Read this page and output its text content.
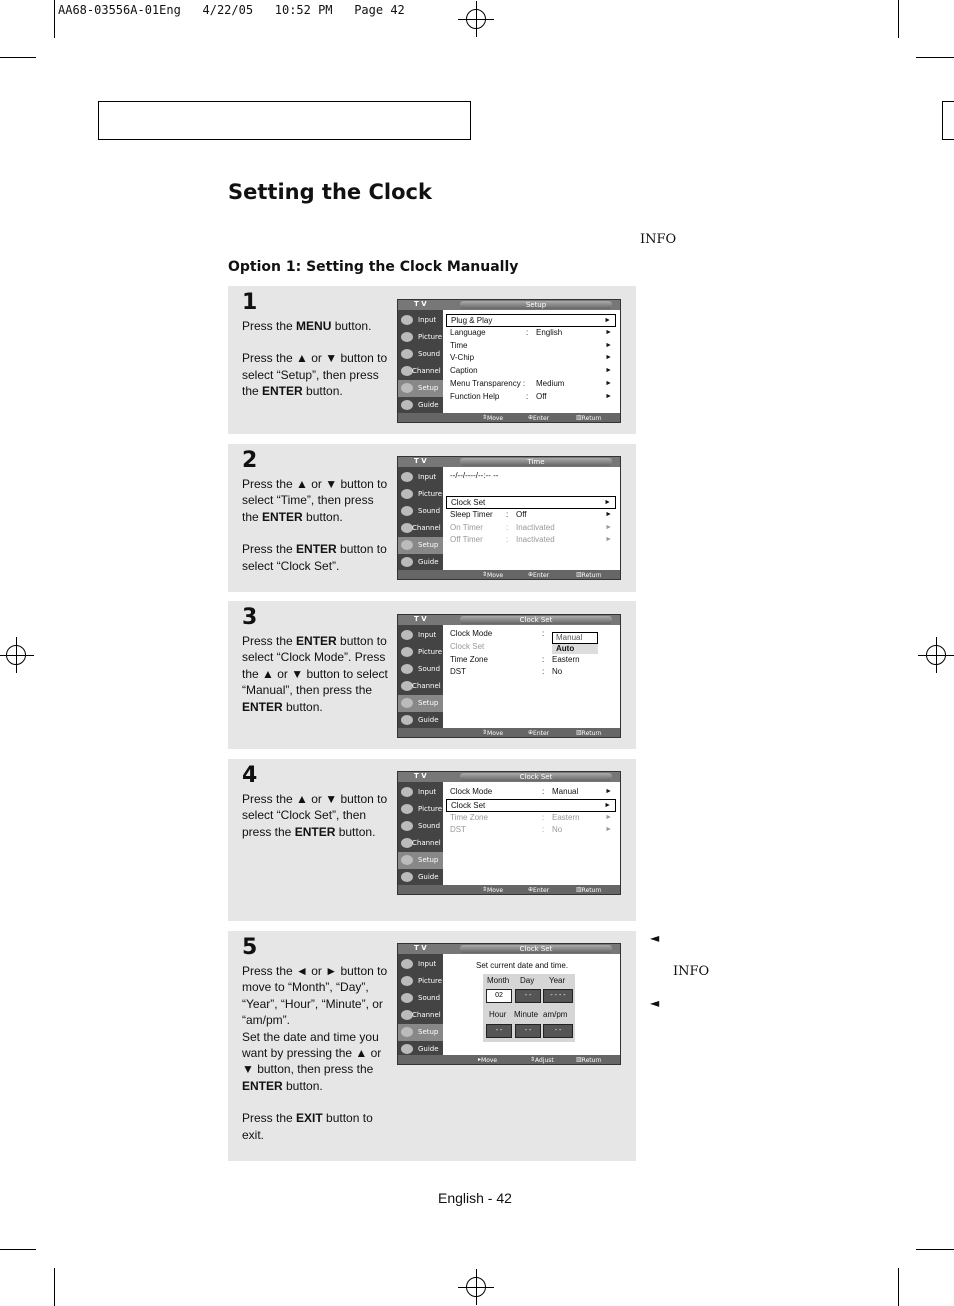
AA68-03556A-01Eng   4/22/05   10:52 PM   Page 42
Setting the Clock
INFO
Option 1: Setting the Clock Manually
1

Press the MENU button.

Press the ▲ or ▼ button to select “Setup”, then press the ENTER button.

T V	Setup
Input
Picture
Sound
Channel
Setup
Guide
Plug & Play	►
Language	: English	►
Time	►
V-Chip	►
Caption	►
Menu Transparency : Medium	►
Function Help	: Off	►
⇕ Move	⊕ Enter	▥ Return
2

Press the ▲ or ▼ button to select “Time”, then press the ENTER button.

Press the ENTER button to select “Clock Set”.

T V	Time
Input
Picture
Sound
Channel
Setup
Guide
--/--/----/--:-- --
Clock Set	►
Sleep Timer : Off	►
On Timer	: Inactivated	►
Off Timer	: Inactivated	►
⇕ Move	⊕ Enter	▥ Return
3

Press the ENTER button to select “Clock Mode”. Press the ▲ or ▼ button to select “Manual”, then press the ENTER button.

T V	Clock Set
Input
Picture
Sound
Channel
Setup
Guide
Clock Mode	:
Clock Set
Time Zone	: Eastern
DST	: No
Manual
Auto
⇕ Move	⊕ Enter	▥ Return
4

Press the ▲ or ▼ button to select “Clock Set”, then press the ENTER button.

T V	Clock Set
Input
Picture
Sound
Channel
Setup
Guide
Clock Mode	: Manual	►
Clock Set	►
Time Zone	: Eastern	►
DST	: No	►
⇕ Move	⊕ Enter	▥ Return
5

Press the ◄ or ► button to move to “Month”, “Day”, “Year”, “Hour”, “Minute”, or “am/pm”.

Set the date and time you want by pressing the ▲ or ▼ button, then press the ENTER button.

Press the EXIT button to exit.

T V	Clock Set
Input
Picture
Sound
Channel
Setup
Guide
Set current date and time.
Month Day Year
02	- -	- - - -
Hour Minute am/pm
- -	- -	- -
▸ Move	⇕ Adjust	▥ Return
◄
INFO
◄
English - 42
